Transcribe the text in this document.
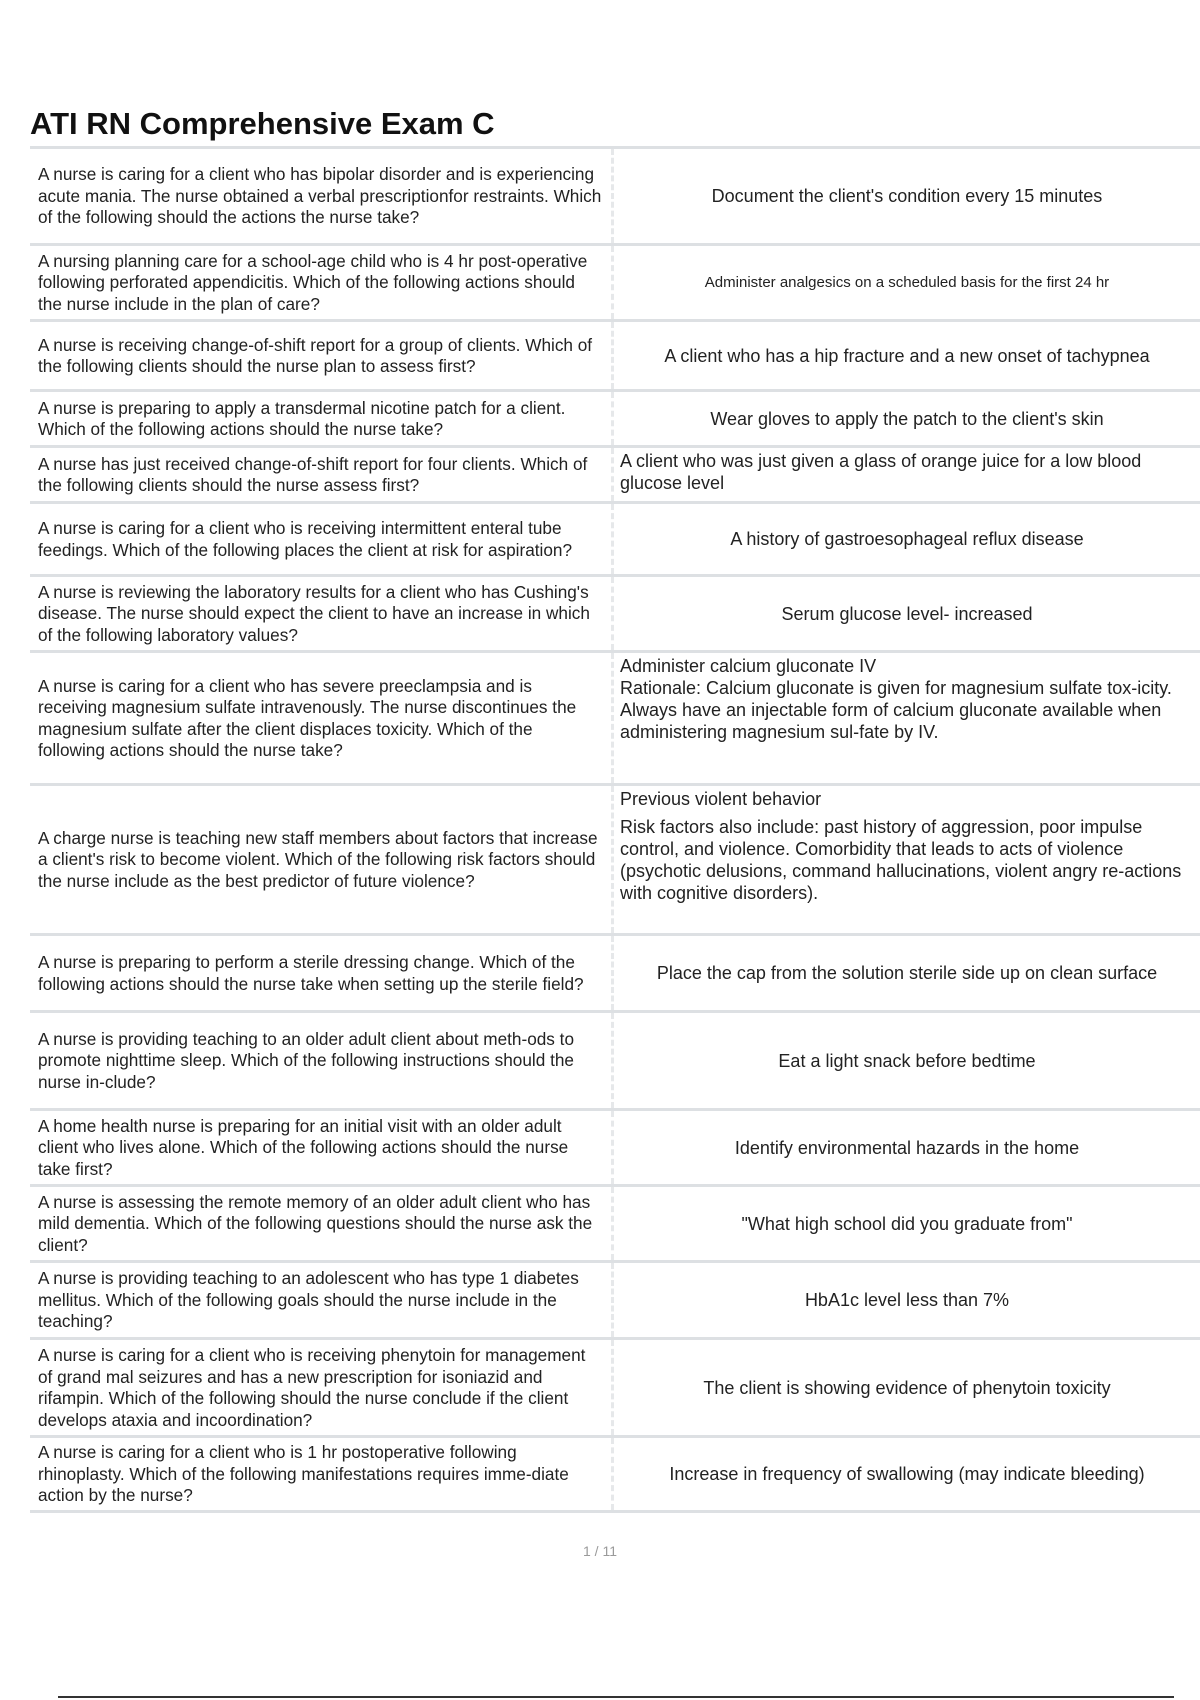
ATI RN Comprehensive Exam C
A nurse is caring for a client who has bipolar disorder and is experiencing acute mania. The nurse obtained a verbal prescriptionfor restraints. Which of the following should the actions the nurse take?
Document the client's condition every 15 minutes
A nursing planning care for a school-age child who is 4 hr post-operative following perforated appendicitis. Which of the following actions should the nurse include in the plan of care?
Administer analgesics on a scheduled basis for the first 24 hr
A nurse is receiving change-of-shift report for a group of clients. Which of the following clients should the nurse plan to assess first?
A client who has a hip fracture and a new onset of tachypnea
A nurse is preparing to apply a transdermal nicotine patch for a client. Which of the following actions should the nurse take?
Wear gloves to apply the patch to the client's skin
A nurse has just received change-of-shift report for four clients. Which of the following clients should the nurse assess first?
A client who was just given a glass of orange juice for a low blood glucose level
A nurse is caring for a client who is receiving intermittent enteral tube feedings. Which of the following places the client at risk for aspiration?
A history of gastroesophageal reflux disease
A nurse is reviewing the laboratory results for a client who has Cushing's disease. The nurse should expect the client to have an increase in which of the following laboratory values?
Serum glucose level- increased
A nurse is caring for a client who has severe preeclampsia and is receiving magnesium sulfate intravenously. The nurse discontinues the magnesium sulfate after the client displaces toxicity. Which of the following actions should the nurse take?
Administer calcium gluconate IV
Rationale: Calcium gluconate is given for magnesium sulfate tox-icity. Always have an injectable form of calcium gluconate available when administering magnesium sul-fate by IV.
A charge nurse is teaching new staff members about factors that increase a client's risk to become violent. Which of the following risk factors should the nurse include as the best predictor of future violence?
Previous violent behavior
Risk factors also include: past history of aggression, poor impulse control, and violence. Comorbidity that leads to acts of violence (psychotic delusions, command hallucinations, violent angry re-actions with cognitive disorders).
A nurse is preparing to perform a sterile dressing change. Which of the following actions should the nurse take when setting up the sterile field?
Place the cap from the solution sterile side up on clean surface
A nurse is providing teaching to an older adult client about meth-ods to promote nighttime sleep. Which of the following instructions should the nurse in-clude?
Eat a light snack before bedtime
A home health nurse is preparing for an initial visit with an older adult client who lives alone. Which of the following actions should the nurse take first?
Identify environmental hazards in the home
A nurse is assessing the remote memory of an older adult client who has mild dementia. Which of the following questions should the nurse ask the client?
"What high school did you graduate from"
A nurse is providing teaching to an adolescent who has type 1 diabetes mellitus. Which of the following goals should the nurse include in the teaching?
HbA1c level less than 7%
A nurse is caring for a client who is receiving phenytoin for management of grand mal seizures and has a new prescription for isoniazid and rifampin. Which of the following should the nurse conclude if the client develops ataxia and incoordination?
The client is showing evidence of phenytoin toxicity
A nurse is caring for a client who is 1 hr postoperative following rhinoplasty. Which of the following manifestations requires imme-diate action by the nurse?
Increase in frequency of swallowing (may indicate bleeding)
1 / 11
